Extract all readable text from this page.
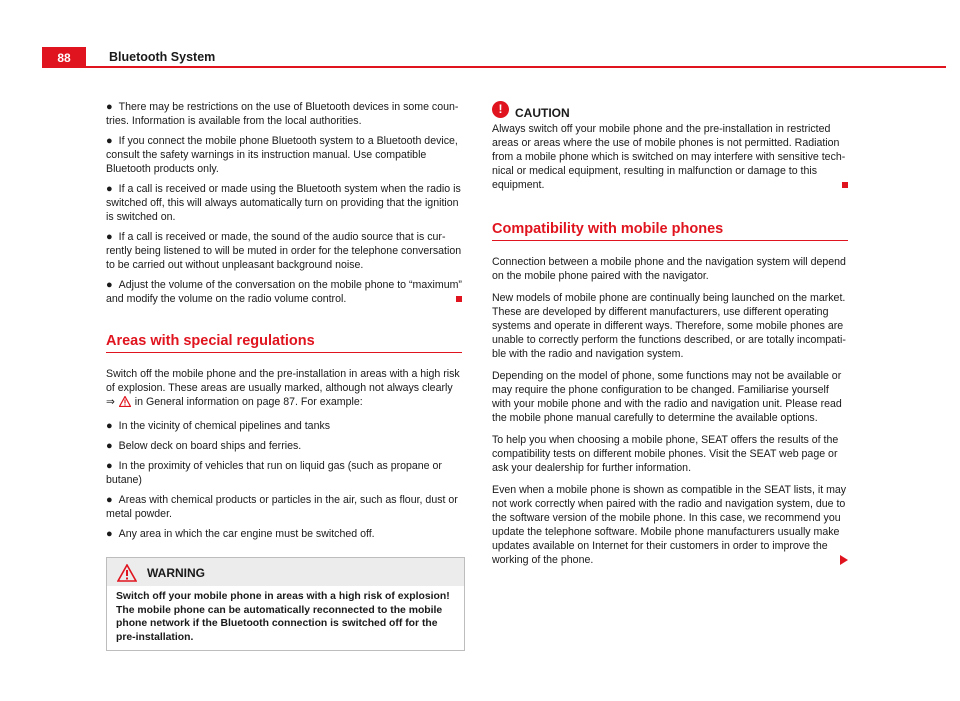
88	Bluetooth System

● There may be restrictions on the use of Bluetooth devices in some countries. Information is available from the local authorities.

● If you connect the mobile phone Bluetooth system to a Bluetooth device, consult the safety warnings in its instruction manual. Use compatible Bluetooth products only.

● If a call is received or made using the Bluetooth system when the radio is switched off, this will always automatically turn on providing that the ignition is switched on.

● If a call is received or made, the sound of the audio source that is currently being listened to will be muted in order for the telephone conversation to be carried out without unpleasant background noise.

● Adjust the volume of the conversation on the mobile phone to “maximum” and modify the volume on the radio volume control.

Areas with special regulations

Switch off the mobile phone and the pre-installation in areas with a high risk of explosion. These areas are usually marked, although not always clearly ⇒  in General information on page 87. For example:

● In the vicinity of chemical pipelines and tanks

● Below deck on board ships and ferries.

● In the proximity of vehicles that run on liquid gas (such as propane or butane)

● Areas with chemical products or particles in the air, such as flour, dust or metal powder.

● Any area in which the car engine must be switched off.

WARNING

Switch off your mobile phone in areas with a high risk of explosion! The mobile phone can be automatically reconnected to the mobile phone network if the Bluetooth connection is switched off for the pre-installation.

!	CAUTION

Always switch off your mobile phone and the pre-installation in restricted areas or areas where the use of mobile phones is not permitted. Radiation from a mobile phone which is switched on may interfere with sensitive technical or medical equipment, resulting in malfunction or damage to this equipment.

Compatibility with mobile phones

Connection between a mobile phone and the navigation system will depend on the mobile phone paired with the navigator.

New models of mobile phone are continually being launched on the market. These are developed by different manufacturers, use different operating systems and operate in different ways. Therefore, some mobile phones are unable to correctly perform the functions described, or are totally incompatible with the radio and navigation system.

Depending on the model of phone, some functions may not be available or may require the phone configuration to be changed. Familiarise yourself with your mobile phone and with the radio and navigation unit. Please read the mobile phone manual carefully to determine the available options.

To help you when choosing a mobile phone, SEAT offers the results of the compatibility tests on different mobile phones. Visit the SEAT web page or ask your dealership for further information.

Even when a mobile phone is shown as compatible in the SEAT lists, it may not work correctly when paired with the radio and navigation system, due to the software version of the mobile phone. In this case, we recommend you update the telephone software. Mobile phone manufacturers usually make updates available on Internet for their customers in order to improve the working of the phone.
